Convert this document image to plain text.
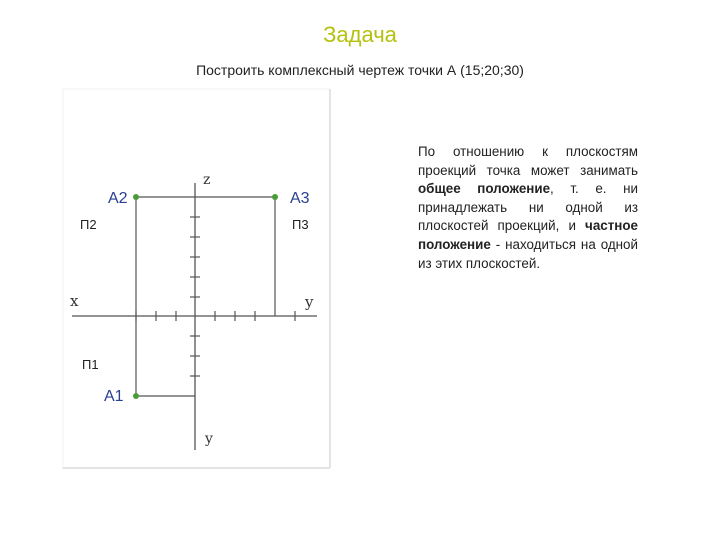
Задача
Построить комплексный чертеж точки А (15;20;30)
z
x	y
y
П2	П3
П1
А2	А3
А1
По отношению к плоскостям проекций точка может занимать общее положение, т. е. ни принадлежать ни одной из плоскостей проекций, и частное положение - находиться на одной из этих плоскостей.
